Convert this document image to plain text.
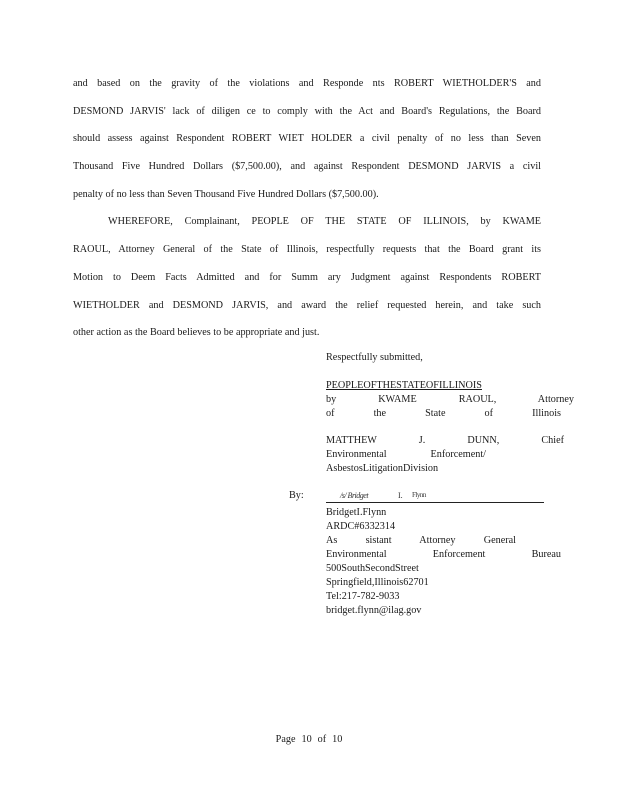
and based on the gravity of the violations and Responde nts ROBERT WIETHOLDER'S and
DESMOND JARVIS' lack of diligen ce to comply with the Act and Board's Regulations, the Board
should assess against Respondent ROBERT WIET HOLDER a civil penalty of no less than Seven
Thousand Five Hundred Dollars ($7,500.00), and against Respondent DESMOND JARVIS a civil
penalty of no less than Seven Thousand Five Hundred Dollars ($7,500.00).
WHEREFORE, Complainant, PEOPLE OF THE STATE OF ILLINOIS, by KWAME
RAOUL, Attorney General of the State of Illinois, respectfully requests that the Board grant its
Motion to Deem Facts Admitted and for Summ ary Judgment against Respondents ROBERT
WIETHOLDER and DESMOND JARVIS, and award the relief requested herein, and take such
other action as the Board believes to be appropriate and just.
Respectfully submitted,
PEOPLEOFTHESTATEOFILLINOIS
by KWAME RAOUL, Attorney
of the State of Illinois
MATTHEW J. DUNN, Chief
Environmental Enforcement/
AsbestosLitigationDivision
By:	/s/ Bridget	I. Flynn
BridgetI.Flynn
ARDC#6332314
As sistant Attorney General
Environmental Enforcement Bureau
500SouthSecondStreet
Springfield,Illinois62701
Tel:217-782-9033
bridget.flynn@ilag.gov
Page 10 of 10
